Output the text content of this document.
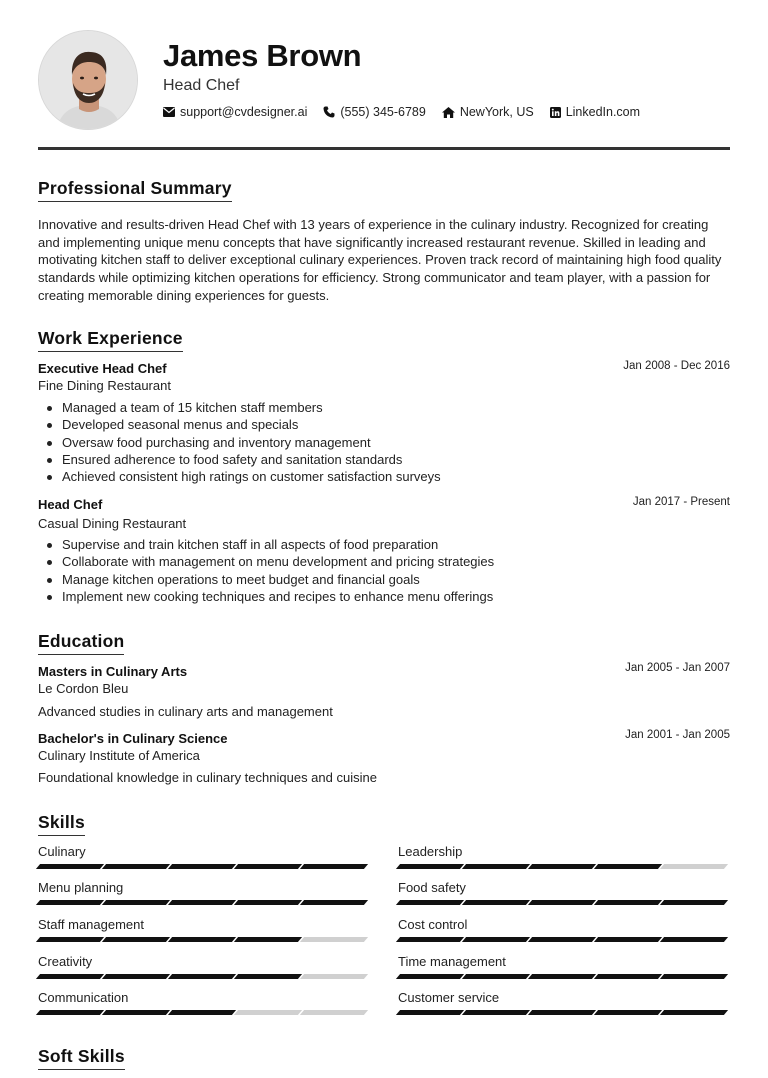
James Brown
Head Chef
support@cvdesigner.ai	(555) 345-6789	NewYork, US	LinkedIn.com
Professional Summary
Innovative and results-driven Head Chef with 13 years of experience in the culinary industry. Recognized for creating and implementing unique menu concepts that have significantly increased restaurant revenue. Skilled in leading and motivating kitchen staff to deliver exceptional culinary experiences. Proven track record of maintaining high food quality standards while optimizing kitchen operations for efficiency. Strong communicator and team player, with a passion for creating memorable dining experiences for guests.
Work Experience
Executive Head Chef	Jan 2008 - Dec 2016
Fine Dining Restaurant
Managed a team of 15 kitchen staff members
Developed seasonal menus and specials
Oversaw food purchasing and inventory management
Ensured adherence to food safety and sanitation standards
Achieved consistent high ratings on customer satisfaction surveys
Head Chef	Jan 2017 - Present
Casual Dining Restaurant
Supervise and train kitchen staff in all aspects of food preparation
Collaborate with management on menu development and pricing strategies
Manage kitchen operations to meet budget and financial goals
Implement new cooking techniques and recipes to enhance menu offerings
Education
Masters in Culinary Arts	Jan 2005 - Jan 2007
Le Cordon Bleu
Advanced studies in culinary arts and management
Bachelor's in Culinary Science	Jan 2001 - Jan 2005
Culinary Institute of America
Foundational knowledge in culinary techniques and cuisine
Skills
Culinary	Leadership
Menu planning	Food safety
Staff management	Cost control
Creativity	Time management
Communication	Customer service
Soft Skills
